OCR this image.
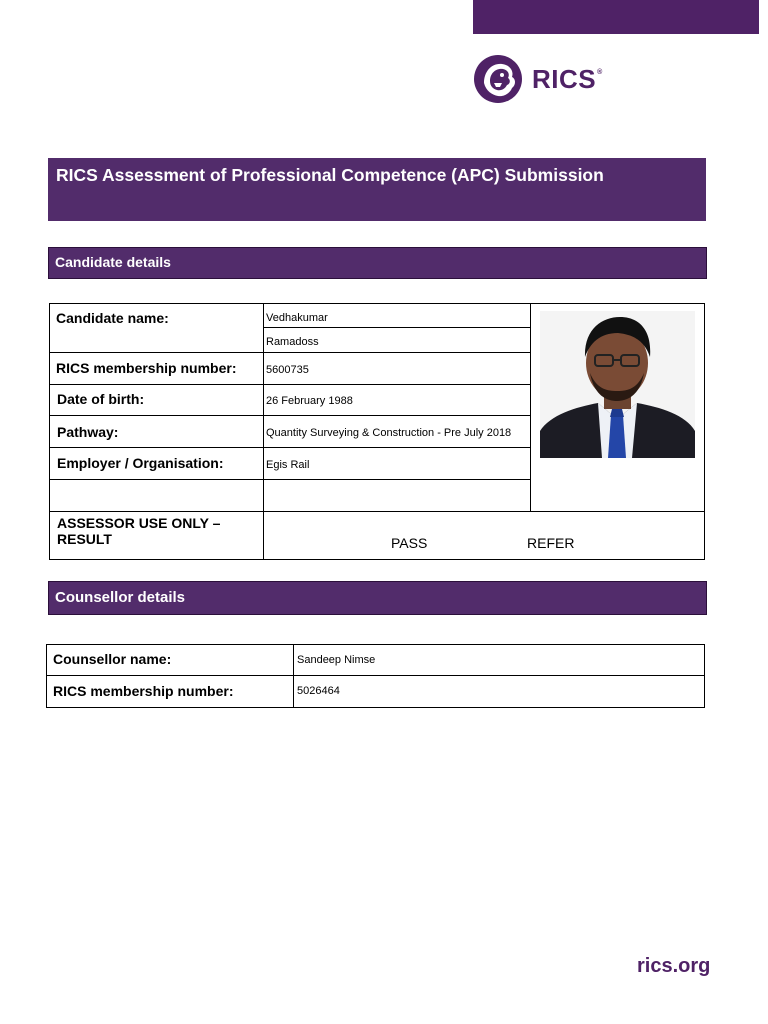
RICS®
RICS Assessment of Professional Competence (APC) Submission
Candidate details
Candidate name:	Vedhakumar
Ramadoss
RICS membership number:	5600735
Date of birth:	26 February 1988
Pathway:	Quantity Surveying & Construction - Pre July 2018
Employer / Organisation:	Egis Rail
ASSESSOR USE ONLY –
RESULT	PASS	REFER
Counsellor details
Counsellor name:	Sandeep Nimse
RICS membership number:	5026464
rics.org
